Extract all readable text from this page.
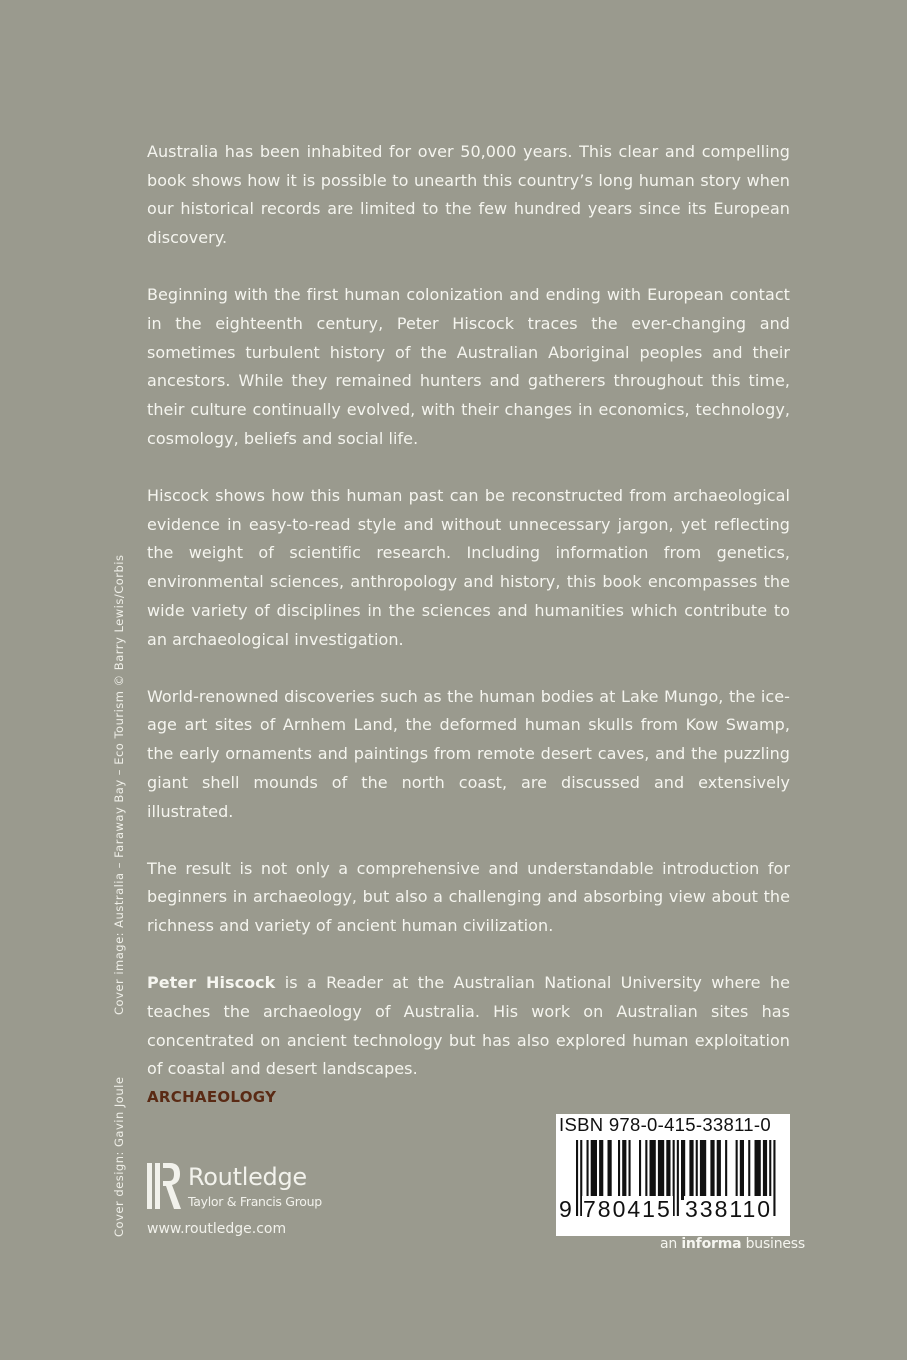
Australia has been inhabited for over 50,000 years. This clear and compelling book shows how it is possible to unearth this country’s long human story when our historical records are limited to the few hundred years since its European discovery.

Beginning with the first human colonization and ending with European contact in the eighteenth century, Peter Hiscock traces the ever-changing and sometimes turbulent history of the Australian Aboriginal peoples and their ancestors. While they remained hunters and gatherers throughout this time, their culture continually evolved, with their changes in economics, technology, cosmology, beliefs and social life.

Hiscock shows how this human past can be reconstructed from archaeological evidence in easy-to-read style and without unnecessary jargon, yet reflecting the weight of scientific research. Including information from genetics, environmental sciences, anthropology and history, this book encompasses the wide variety of disciplines in the sciences and humanities which contribute to an archaeological investigation.

World-renowned discoveries such as the human bodies at Lake Mungo, the ice-age art sites of Arnhem Land, the deformed human skulls from Kow Swamp, the early ornaments and paintings from remote desert caves, and the puzzling giant shell mounds of the north coast, are discussed and extensively illustrated.

The result is not only a comprehensive and understandable introduction for beginners in archaeology, but also a challenging and absorbing view about the richness and variety of ancient human civilization.

Peter Hiscock is a Reader at the Australian National University where he teaches the archaeology of Australia. His work on Australian sites has concentrated on ancient technology but has also explored human exploitation of coastal and desert landscapes.

ARCHAEOLOGY
Cover image: Australia – Faraway Bay – Eco Tourism © Barry Lewis/Corbis
Cover design: Gavin Joule	Routledge
Taylor & Francis Group
www.routledge.com
ISBN 978-0-415-33811-0
9 780415 338110
an informa business
